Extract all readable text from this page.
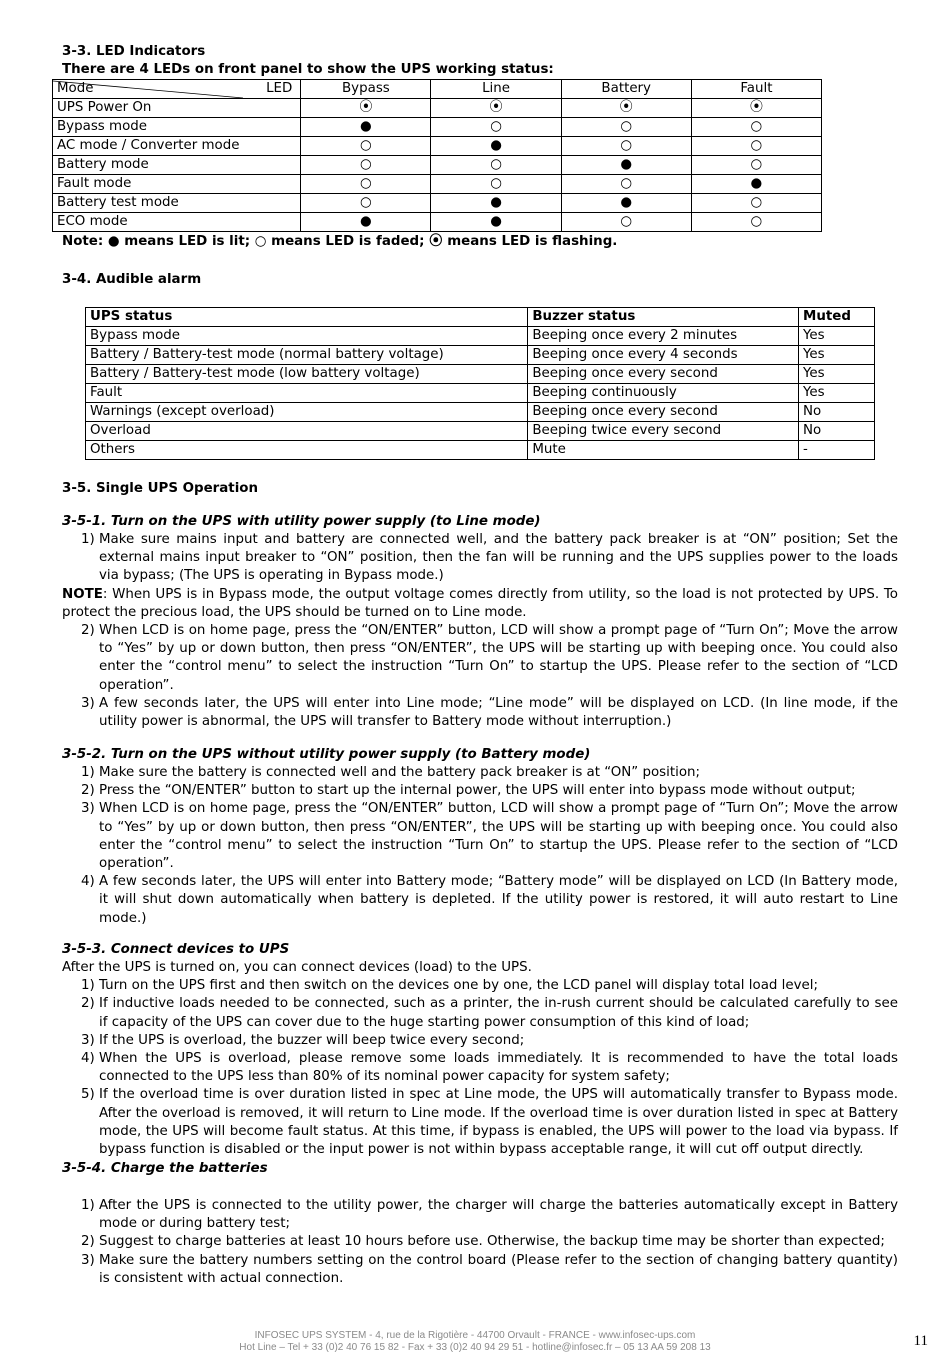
3-3. LED Indicators
There are 4 LEDs on front panel to show the UPS working status:
Mode LED	Bypass	Line	Battery	Fault
UPS Power On	⦿	⦿	⦿	⦿
Bypass mode	●	○	○	○
AC mode / Converter mode	○	●	○	○
Battery mode	○	○	●	○
Fault mode	○	○	○	●
Battery test mode	○	●	●	○
ECO mode	●	●	○	○
Note: ● means LED is lit; ○ means LED is faded; ⦿ means LED is flashing.
3-4. Audible alarm
UPS status	Buzzer status	Muted
Bypass mode	Beeping once every 2 minutes	Yes
Battery / Battery-test mode (normal battery voltage)	Beeping once every 4 seconds	Yes
Battery / Battery-test mode (low battery voltage)	Beeping once every second	Yes
Fault	Beeping continuously	Yes
Warnings (except overload)	Beeping once every second	No
Overload	Beeping twice every second	No
Others	Mute	-
3-5. Single UPS Operation
3-5-1. Turn on the UPS with utility power supply (to Line mode)
1) Make sure mains input and battery are connected well, and the battery pack breaker is at “ON” position; Set the external mains input breaker to “ON” position, then the fan will be running and the UPS supplies power to the loads via bypass; (The UPS is operating in Bypass mode.)

NOTE: When UPS is in Bypass mode, the output voltage comes directly from utility, so the load is not protected by UPS. To protect the precious load, the UPS should be turned on to Line mode.

2) When LCD is on home page, press the “ON/ENTER” button, LCD will show a prompt page of “Turn On”; Move the arrow to “Yes” by up or down button, then press “ON/ENTER”, the UPS will be starting up with beeping once. You could also enter the “control menu” to select the instruction “Turn On” to startup the UPS. Please refer to the section of “LCD operation”.
3) A few seconds later, the UPS will enter into Line mode; “Line mode” will be displayed on LCD. (In line mode, if the utility power is abnormal, the UPS will transfer to Battery mode without interruption.)
3-5-2. Turn on the UPS without utility power supply (to Battery mode)
1) Make sure the battery is connected well and the battery pack breaker is at “ON” position;
2) Press the “ON/ENTER” button to start up the internal power, the UPS will enter into bypass mode without output;
3) When LCD is on home page, press the “ON/ENTER” button, LCD will show a prompt page of “Turn On”; Move the arrow to “Yes” by up or down button, then press “ON/ENTER”, the UPS will be starting up with beeping once. You could also enter the “control menu” to select the instruction “Turn On” to startup the UPS. Please refer to the section of “LCD operation”.
4) A few seconds later, the UPS will enter into Battery mode; “Battery mode” will be displayed on LCD (In Battery mode, it will shut down automatically when battery is depleted. If the utility power is restored, it will auto restart to Line mode.)
3-5-3. Connect devices to UPS

After the UPS is turned on, you can connect devices (load) to the UPS.

1) Turn on the UPS first and then switch on the devices one by one, the LCD panel will display total load level;
2) If inductive loads needed to be connected, such as a printer, the in-rush current should be calculated carefully to see if capacity of the UPS can cover due to the huge starting power consumption of this kind of load;
3) If the UPS is overload, the buzzer will beep twice every second;
4) When the UPS is overload, please remove some loads immediately. It is recommended to have the total loads connected to the UPS less than 80% of its nominal power capacity for system safety;
5) If the overload time is over duration listed in spec at Line mode, the UPS will automatically transfer to Bypass mode. After the overload is removed, it will return to Line mode. If the overload time is over duration listed in spec at Battery mode, the UPS will become fault status. At this time, if bypass is enabled, the UPS will power to the load via bypass. If bypass function is disabled or the input power is not within bypass acceptable range, it will cut off output directly.
3-5-4. Charge the batteries
1) After the UPS is connected to the utility power, the charger will charge the batteries automatically except in Battery mode or during battery test;
2) Suggest to charge batteries at least 10 hours before use. Otherwise, the backup time may be shorter than expected;
3) Make sure the battery numbers setting on the control board (Please refer to the section of changing battery quantity) is consistent with actual connection.
INFOSEC UPS SYSTEM - 4, rue de la Rigotière - 44700 Orvault - FRANCE - www.infosec-ups.com
Hot Line – Tel + 33 (0)2 40 76 15 82 - Fax + 33 (0)2 40 94 29 51 - hotline@infosec.fr – 05 13 AA 59 208 13	11
